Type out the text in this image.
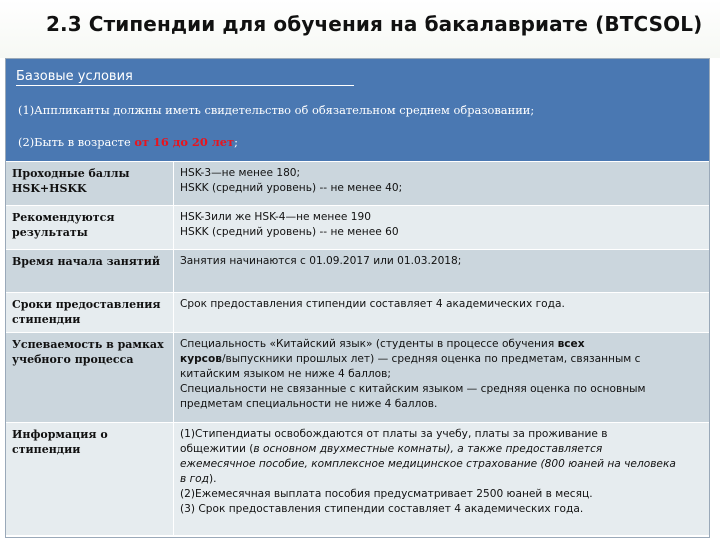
2.3 Стипендии для обучения на бакалавриате (BTCSOL)
Базовые условия
(1)Аппликанты должны иметь свидетельство об обязательном среднем образовании;
(2)Быть в возрасте от 16 до 20 лет;
Проходные баллы
HSK+HSKK
HSK-3—не менее 180;
HSKK (средний уровень) -- не менее 40;
Рекомендуются
результаты
HSK-3или же HSK-4—не менее 190
HSKK (средний уровень) -- не менее 60
Время начала занятий	Занятия начинаются с 01.09.2017 или 01.03.2018;
Сроки предоставления
стипендии
Срок предоставления стипендии составляет 4 академических года.
Успеваемость в рамках
учебного процесса
Специальность «Китайский язык» (студенты в процессе обучения всех
курсов/выпускники прошлых лет) — средняя оценка по предметам, связанным с
китайским языком не ниже 4 баллов;
Специальности не связанные с китайским языком — средняя оценка по основным
предметам специальности не ниже 4 баллов.
Информация о
стипендии
(1)Стипендиаты освобождаются от платы за учебу, платы за проживание в
общежитии (в основном двухместные комнаты), а также предоставляется
ежемесячное пособие, комплексное медицинское страхование (800 юаней на человека
в год).
(2)Ежемесячная выплата пособия предусматривает 2500 юаней в месяц.
(3) Срок предоставления стипендии составляет 4 академических года.
